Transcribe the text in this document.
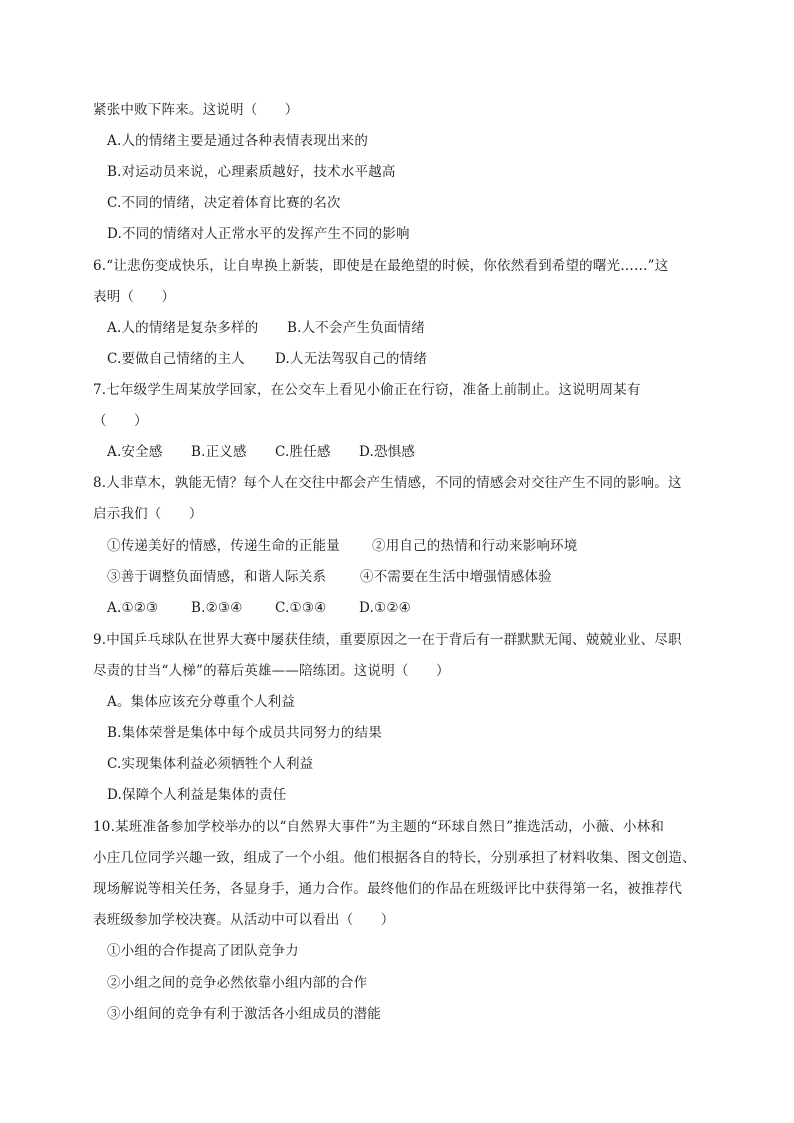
紧张中败下阵来。这说明（　　）
A.人的情绪主要是通过各种表情表现出来的
B.对运动员来说，心理素质越好，技术水平越高
C.不同的情绪，决定着体育比赛的名次
D.不同的情绪对人正常水平的发挥产生不同的影响
6.“让悲伤变成快乐，让自卑换上新装，即使是在最绝望的时候，你依然看到希望的曙光……”这
表明（　　）
A.人的情绪是复杂多样的 B.人不会产生负面情绪
C.要做自己情绪的主人 D.人无法驾驭自己的情绪
7.七年级学生周某放学回家，在公交车上看见小偷正在行窃，准备上前制止。这说明周某有
（　　）
A.安全感 B.正义感 C.胜任感 D.恐惧感
8.人非草木，孰能无情？每个人在交往中都会产生情感，不同的情感会对交往产生不同的影响。这
启示我们（　　）
①传递美好的情感，传递生命的正能量 ②用自己的热情和行动来影响环境
③善于调整负面情感，和谐人际关系	④不需要在生活中增强情感体验
A.①②③ B.②③④ C.①③④ D.①②④
9.中国乒乓球队在世界大赛中屡获佳绩，重要原因之一在于背后有一群默默无闻、兢兢业业、尽职
尽责的甘当“人梯”的幕后英雄——陪练团。这说明（　　）
A。集体应该充分尊重个人利益
B.集体荣誉是集体中每个成员共同努力的结果
C.实现集体利益必须牺牲个人利益
D.保障个人利益是集体的责任
10.某班准备参加学校举办的以“自然界大事件”为主题的“环球自然日”推选活动，小薇、小林和
小庄几位同学兴趣一致，组成了一个小组。他们根据各自的特长，分别承担了材料收集、图文创造、
现场解说等相关任务，各显身手，通力合作。最终他们的作品在班级评比中获得第一名，被推荐代
表班级参加学校决赛。从活动中可以看出（　　）
①小组的合作提高了团队竞争力
②小组之间的竞争必然依靠小组内部的合作
③小组间的竞争有利于激活各小组成员的潜能
